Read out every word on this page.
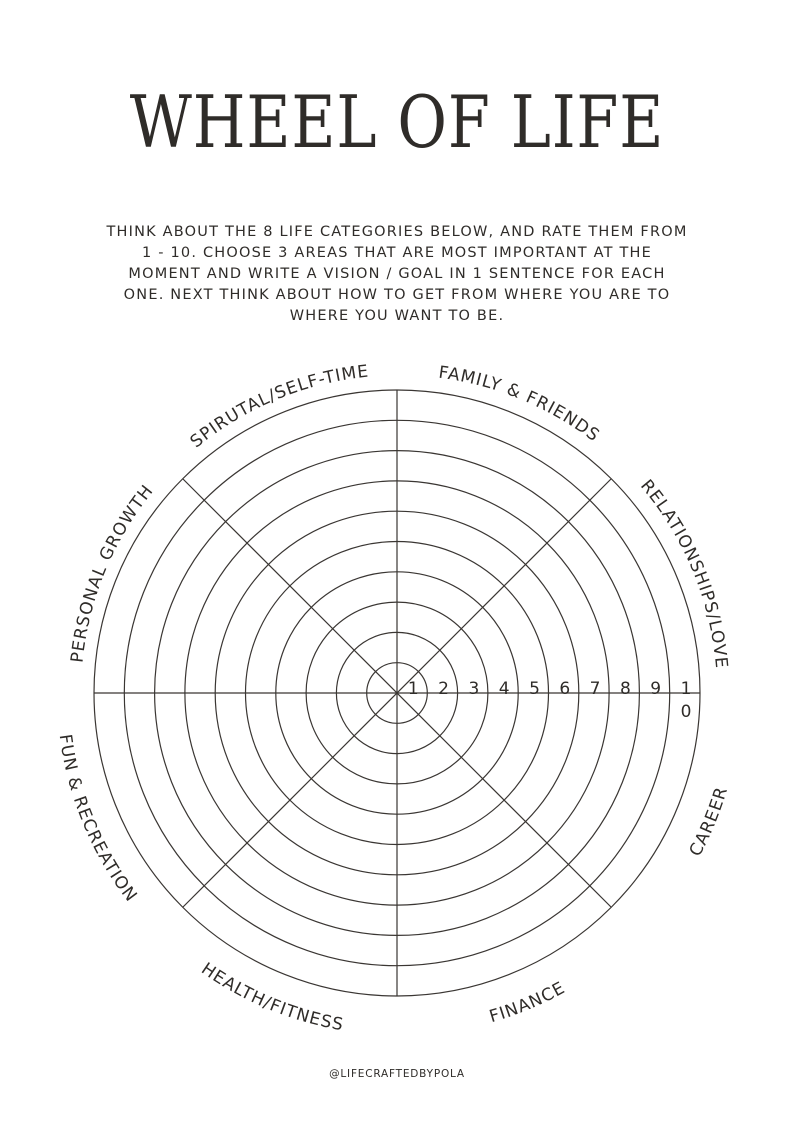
WHEEL OF LIFE
THINK ABOUT THE 8 LIFE CATEGORIES BELOW, AND RATE THEM FROM
1 - 10. CHOOSE 3 AREAS THAT ARE MOST IMPORTANT AT THE
MOMENT AND WRITE A VISION / GOAL IN 1 SENTENCE FOR EACH
ONE. NEXT THINK ABOUT HOW TO GET FROM WHERE YOU ARE TO
WHERE YOU WANT TO BE.
1 2 3 4 5 6 7 8 9 1
0
FAMILY & FRIENDS
RELATIONSHIPS/LOVE
PERSONAL GROWTH
SPIRUTAL/SELF-TIME
CAREER
FINANCE
HEALTH/FITNESS
FUN & RECREATION
@LIFECRAFTEDBYPOLA
